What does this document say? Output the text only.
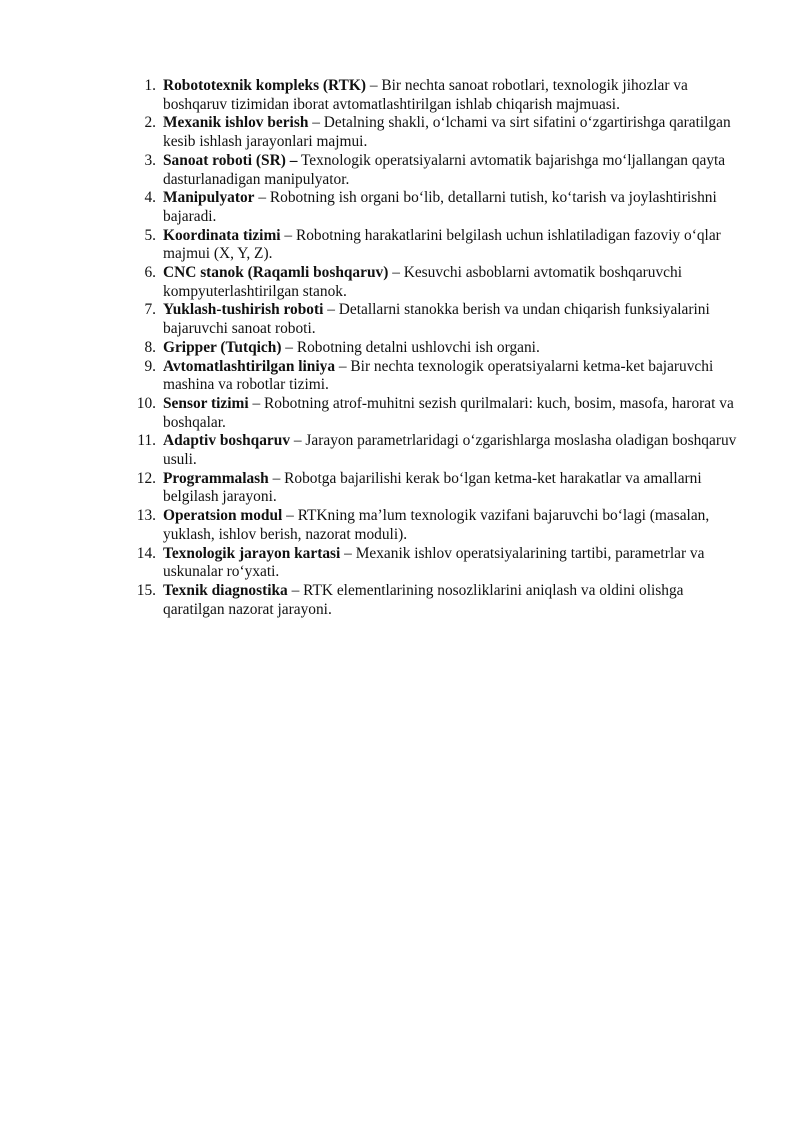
1. Robototexnik kompleks (RTK) – Bir nechta sanoat robotlari, texnologik jihozlar va boshqaruv tizimidan iborat avtomatlashtirilgan ishlab chiqarish majmuasi.
2. Mexanik ishlov berish – Detalning shakli, o‘lchami va sirt sifatini o‘zgartirishga qaratilgan kesib ishlash jarayonlari majmui.
3. Sanoat roboti (SR) – Texnologik operatsiyalarni avtomatik bajarishga mo‘ljallangan qayta dasturlanadigan manipulyator.
4. Manipulyator – Robotning ish organi bo‘lib, detallarni tutish, ko‘tarish va joylashtirishni bajaradi.
5. Koordinata tizimi – Robotning harakatlarini belgilash uchun ishlatiladigan fazoviy o‘qlar majmui (X, Y, Z).
6. CNC stanok (Raqamli boshqaruv) – Kesuvchi asboblarni avtomatik boshqaruvchi kompyuterlashtirilgan stanok.
7. Yuklash-tushirish roboti – Detallarni stanokka berish va undan chiqarish funksiyalarini bajaruvchi sanoat roboti.
8. Gripper (Tutqich) – Robotning detalni ushlovchi ish organi.
9. Avtomatlashtirilgan liniya – Bir nechta texnologik operatsiyalarni ketma-ket bajaruvchi mashina va robotlar tizimi.
10. Sensor tizimi – Robotning atrof-muhitni sezish qurilmalari: kuch, bosim, masofa, harorat va boshqalar.
11. Adaptiv boshqaruv – Jarayon parametrlaridagi o‘zgarishlarga moslasha oladigan boshqaruv usuli.
12. Programmalash – Robotga bajarilishi kerak bo‘lgan ketma-ket harakatlar va amallarni belgilash jarayoni.
13. Operatsion modul – RTKning ma’lum texnologik vazifani bajaruvchi bo‘lagi (masalan, yuklash, ishlov berish, nazorat moduli).
14. Texnologik jarayon kartasi – Mexanik ishlov operatsiyalarining tartibi, parametrlar va uskunalar ro‘yxati.
15. Texnik diagnostika – RTK elementlarining nosozliklarini aniqlash va oldini olishga qaratilgan nazorat jarayoni.
